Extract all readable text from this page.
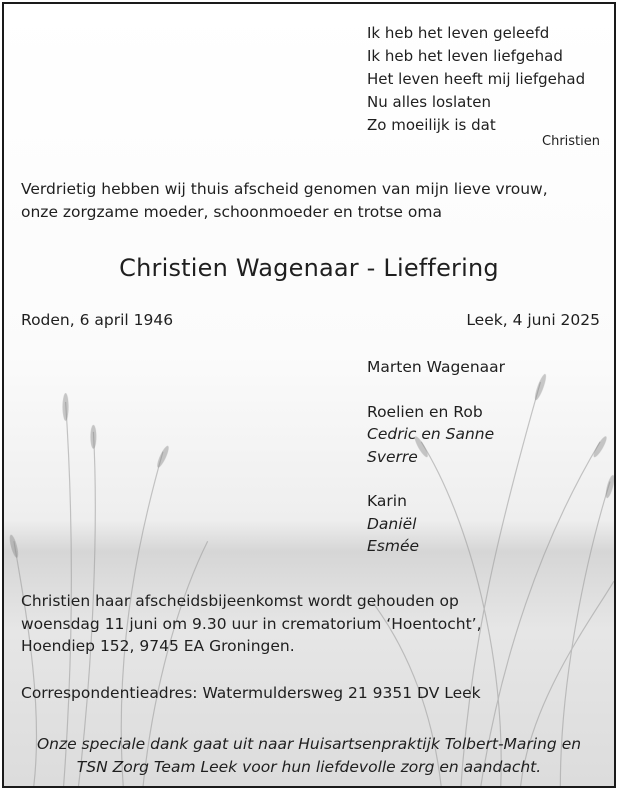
Ik heb het leven geleefd
Ik heb het leven liefgehad
Het leven heeft mij liefgehad
Nu alles loslaten
Zo moeilijk is dat
Christien
Verdrietig hebben wij thuis afscheid genomen van mijn lieve vrouw,
onze zorgzame moeder, schoonmoeder en trotse oma
Christien Wagenaar - Lieffering
Roden, 6 april 1946	Leek, 4 juni 2025
Marten Wagenaar
Roelien en Rob
Cedric en Sanne
Sverre
Karin
Daniël
Esmée
Christien haar afscheidsbijeenkomst wordt gehouden op
woensdag 11 juni om 9.30 uur in crematorium ‘Hoentocht’,
Hoendiep 152, 9745 EA Groningen.
Correspondentieadres: Watermuldersweg 21 9351 DV Leek
Onze speciale dank gaat uit naar Huisartsenpraktijk Tolbert-Maring en
TSN Zorg Team Leek voor hun liefdevolle zorg en aandacht.
